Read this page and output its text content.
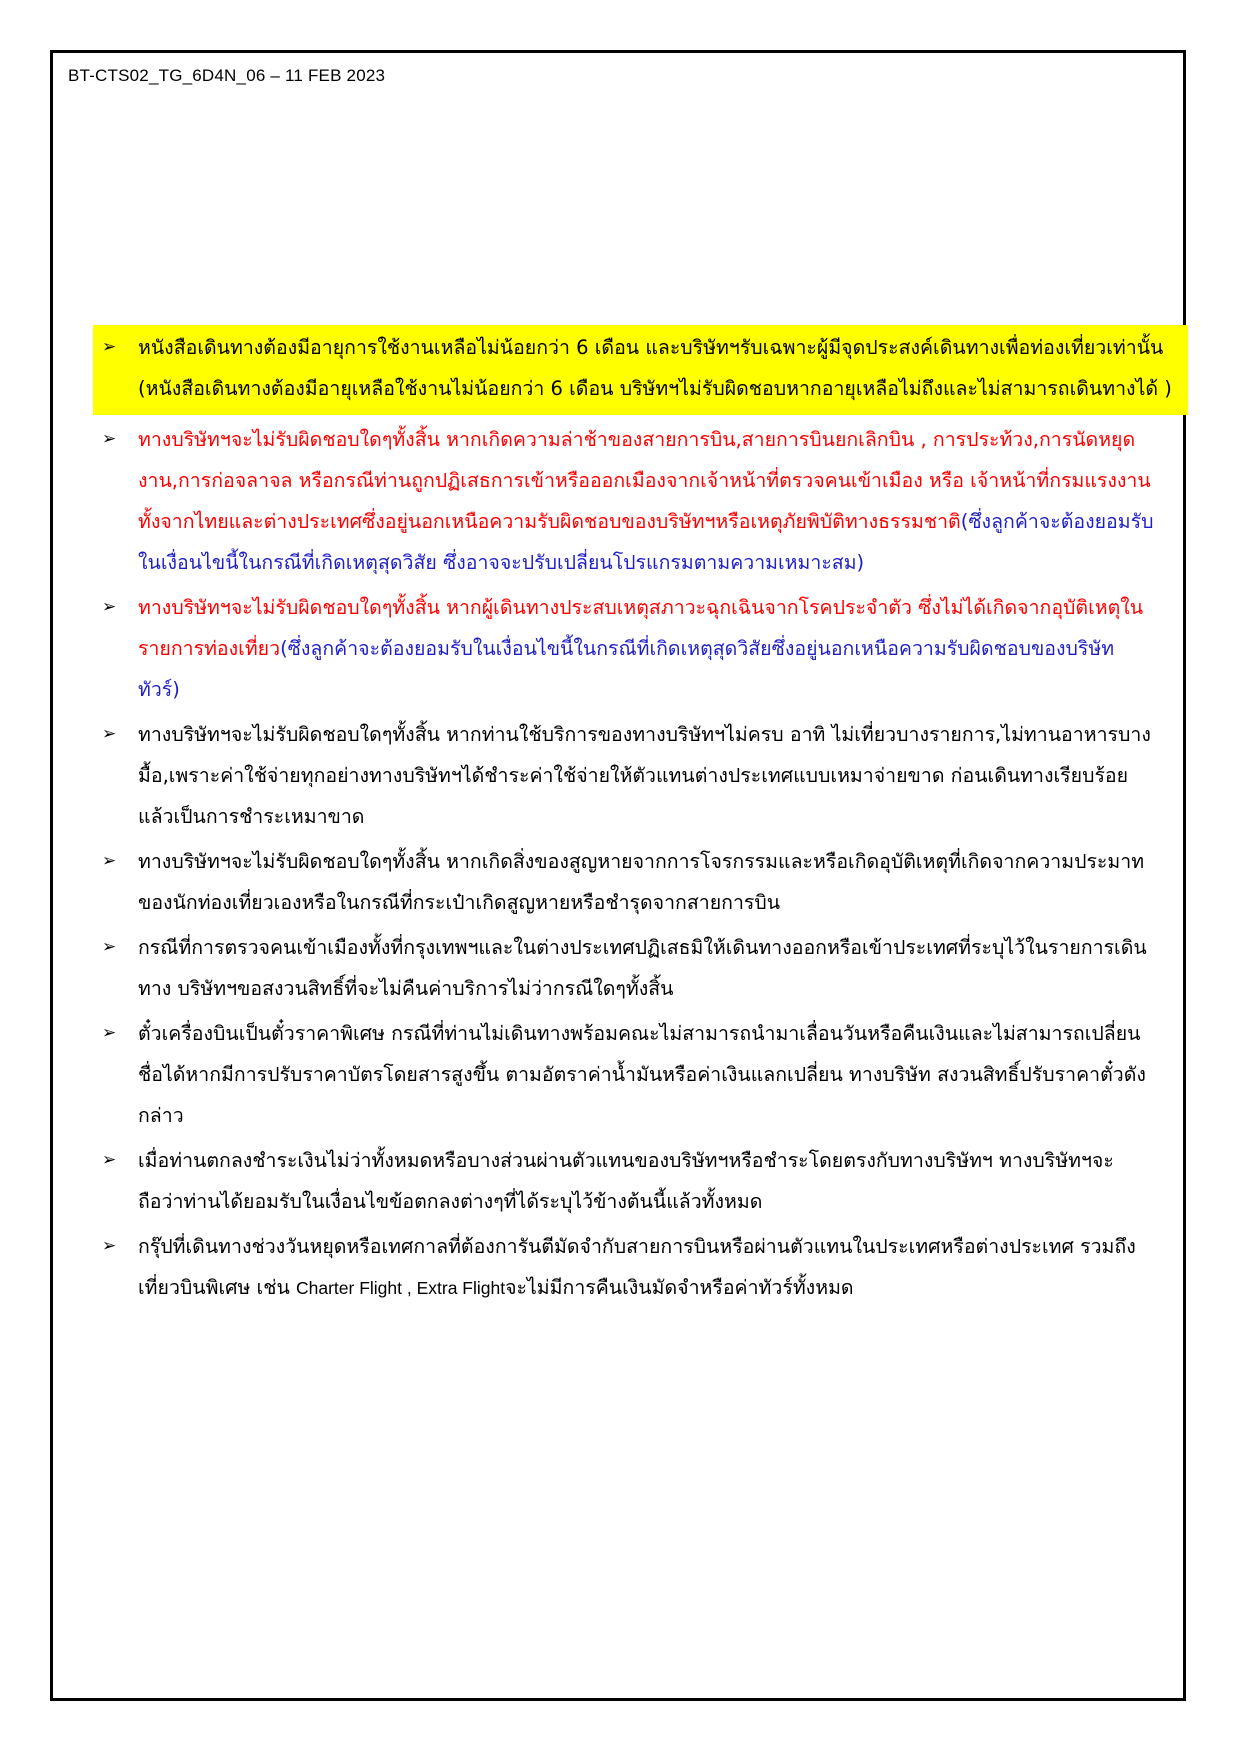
BT-CTS02_TG_6D4N_06 – 11 FEB 2023
➢ หนังสือเดินทางต้องมีอายุการใช้งานเหลือไม่น้อยกว่า 6 เดือน และบริษัทฯรับเฉพาะผู้มีจุดประสงค์เดินทางเพื่อท่องเที่ยวเท่านั้น (หนังสือเดินทางต้องมีอายุเหลือใช้งานไม่น้อยกว่า 6 เดือน บริษัทฯไม่รับผิดชอบหากอายุเหลือไม่ถึงและไม่สามารถเดินทางได้ )
➢ ทางบริษัทฯจะไม่รับผิดชอบใดๆทั้งสิ้น หากเกิดความล่าช้าของสายการบิน,สายการบินยกเลิกบิน , การประท้วง,การนัดหยุดงาน,การก่อจลาจล หรือกรณีท่านถูกปฏิเสธการเข้าหรือออกเมืองจากเจ้าหน้าที่ตรวจคนเข้าเมือง หรือ เจ้าหน้าที่กรมแรงงานทั้งจากไทยและต่างประเทศซึ่งอยู่นอกเหนือความรับผิดชอบของบริษัทฯหรือเหตุภัยพิบัติทางธรรมชาติ(ซึ่งลูกค้าจะต้องยอมรับในเงื่อนไขนี้ในกรณีที่เกิดเหตุสุดวิสัย ซึ่งอาจจะปรับเปลี่ยนโปรแกรมตามความเหมาะสม)
➢ ทางบริษัทฯจะไม่รับผิดชอบใดๆทั้งสิ้น หากผู้เดินทางประสบเหตุสภาวะฉุกเฉินจากโรคประจำตัว ซึ่งไม่ได้เกิดจากอุบัติเหตุในรายการท่องเที่ยว(ซึ่งลูกค้าจะต้องยอมรับในเงื่อนไขนี้ในกรณีที่เกิดเหตุสุดวิสัยซึ่งอยู่นอกเหนือความรับผิดชอบของบริษัททัวร์)
➢ ทางบริษัทฯจะไม่รับผิดชอบใดๆทั้งสิ้น หากท่านใช้บริการของทางบริษัทฯไม่ครบ อาทิ ไม่เที่ยวบางรายการ,ไม่ทานอาหารบางมื้อ,เพราะค่าใช้จ่ายทุกอย่างทางบริษัทฯได้ชำระค่าใช้จ่ายให้ตัวแทนต่างประเทศแบบเหมาจ่ายขาด ก่อนเดินทางเรียบร้อยแล้วเป็นการชำระเหมาขาด
➢ ทางบริษัทฯจะไม่รับผิดชอบใดๆทั้งสิ้น หากเกิดสิ่งของสูญหายจากการโจรกรรมและหรือเกิดอุบัติเหตุที่เกิดจากความประมาทของนักท่องเที่ยวเองหรือในกรณีที่กระเป๋าเกิดสูญหายหรือชำรุดจากสายการบิน
➢ กรณีที่การตรวจคนเข้าเมืองทั้งที่กรุงเทพฯและในต่างประเทศปฏิเสธมิให้เดินทางออกหรือเข้าประเทศที่ระบุไว้ในรายการเดินทาง บริษัทฯขอสงวนสิทธิ์ที่จะไม่คืนค่าบริการไม่ว่ากรณีใดๆทั้งสิ้น
➢ ตั๋วเครื่องบินเป็นตั๋วราคาพิเศษ กรณีที่ท่านไม่เดินทางพร้อมคณะไม่สามารถนำมาเลื่อนวันหรือคืนเงินและไม่สามารถเปลี่ยนชื่อได้หากมีการปรับราคาบัตรโดยสารสูงขึ้น ตามอัตราค่าน้ำมันหรือค่าเงินแลกเปลี่ยน ทางบริษัท สงวนสิทธิ์ปรับราคาตั๋วดังกล่าว
➢ เมื่อท่านตกลงชำระเงินไม่ว่าทั้งหมดหรือบางส่วนผ่านตัวแทนของบริษัทฯหรือชำระโดยตรงกับทางบริษัทฯ ทางบริษัทฯจะถือว่าท่านได้ยอมรับในเงื่อนไขข้อตกลงต่างๆที่ได้ระบุไว้ข้างต้นนี้แล้วทั้งหมด
➢ กรุ๊ปที่เดินทางช่วงวันหยุดหรือเทศกาลที่ต้องการันตีมัดจำกับสายการบินหรือผ่านตัวแทนในประเทศหรือต่างประเทศ รวมถึงเที่ยวบินพิเศษ เช่น Charter Flight , Extra Flightจะไม่มีการคืนเงินมัดจำหรือค่าทัวร์ทั้งหมด
